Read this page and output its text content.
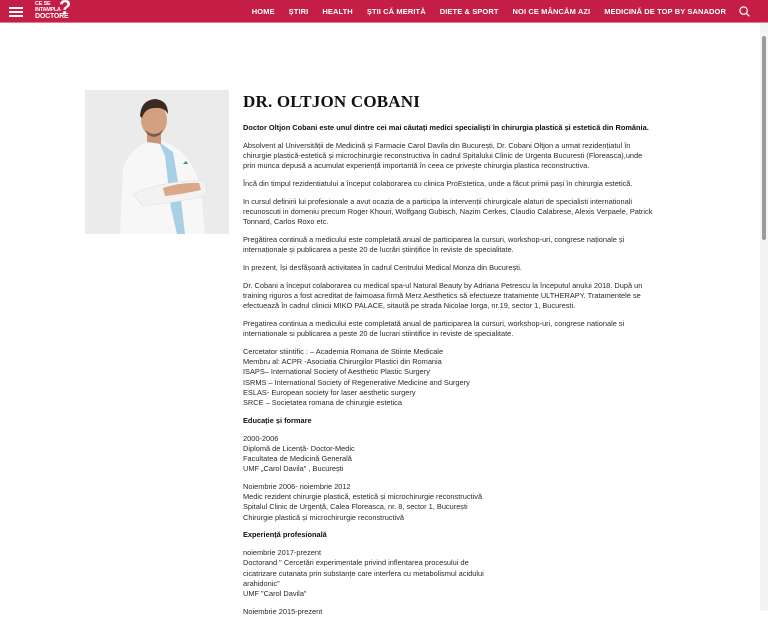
CE SE
INTAMPLA
DOCTORE
?	HOME ȘTIRI HEALTH ȘTII CĂ MERITĂ DIETE & SPORT NOI CE MÂNCĂM AZI MEDICINĂ DE TOP BY SANADOR
DR. OLTJON COBANI

Doctor Oltjon Cobani este unul dintre cei mai căutați medici specialiști în chirurgia plastică și estetică din România.

Absolvent al Universității de Medicină și Farmacie Carol Davila din București, Dr. Cobani Oltjon a urmat rezidențiatul în chirurgie plastică-estetică și microchirurgie reconstructiva în cadrul Spitalului Clinic de Urgenta Bucuresti (Floreasca),unde prin munca depusă a acumulat experiență importantă în ceea ce privește chirurgia plastica reconstructiva.

Încă din timpul rezidentiatului a început colaborarea cu clinica ProEstetica, unde a făcut primii pași în chirurgia estetică.

In cursul definirii lui profesionale a avut ocazia de a participa la intervenții chirurgicale alaturi de specialisti internationali recunoscuti in domeniu precum Roger Khouri, Wolfgang Gubisch, Nazim Cerkes, Claudio Calabrese, Alexis Verpaele, Patrick Tonnard, Carlos Roxo etc.

Pregătirea continuă a medicului este completată anual de participarea la cursuri, workshop-uri, congrese naționale și internaționale și publicarea a peste 20 de lucrări științifice în reviste de specialitate.

In prezent, își desfășoară activitatea în cadrul Centrului Medical Monza din București.

Dr. Cobani a început colaborarea cu medical spa-ul Natural Beauty by Adriana Petrescu la începutul anului 2018. După un training riguros a fost acreditat de faimoasa firmă Merz Aesthetics să efectueze tratamente ULTHERAPY. Tratamentele se efectuează în cadrul clinicii MIKO PALACE, sitautã pe strada Nicolae Iorga, nr.19, sector 1, Bucuresti.

Pregatirea continua a medicului este completată anual de participarea la cursuri, workshop-uri, congrese nationale si internationale si publicarea a peste 20 de lucrari stiintifice in reviste de specialitate.

Cercetator stiintific : – Academia Romana de Stiinte Medicale
Membru al: ACPR -Asociatia Chirurgilor Plastici din Romania
ISAPS– International Society of Aesthetic Plastic Surgery
ISRMS – International Society of Regenerative Medicine and Surgery
ESLAS- European society for laser aesthetic surgery
SRCE – Societatea romana de chirurgie estetica

Educație și formare

2000-2006
Diplomă de Licență- Doctor-Medic
Facultatea de Medicină Generală
UMF „Carol Davila" , București

Noiembrie 2006- noiembrie 2012
Medic rezident chirurgie plastică, estetică și microchirurgie reconstructivă
Spitalul Clinic de Urgență, Calea Floreasca, nr. 8, sector 1, București
Chirurgie plastică și microchirurgie reconstructivă

Experiență profesională

noiembrie 2017-prezent
Doctorand " Cercetări experimentale privind inflentarea procesului de
cicatrizare cutanata prin substanțe care interfera cu metabolismul acidului
arahidonic"
UMF "Carol Davila"

Noiembrie 2015-prezent
